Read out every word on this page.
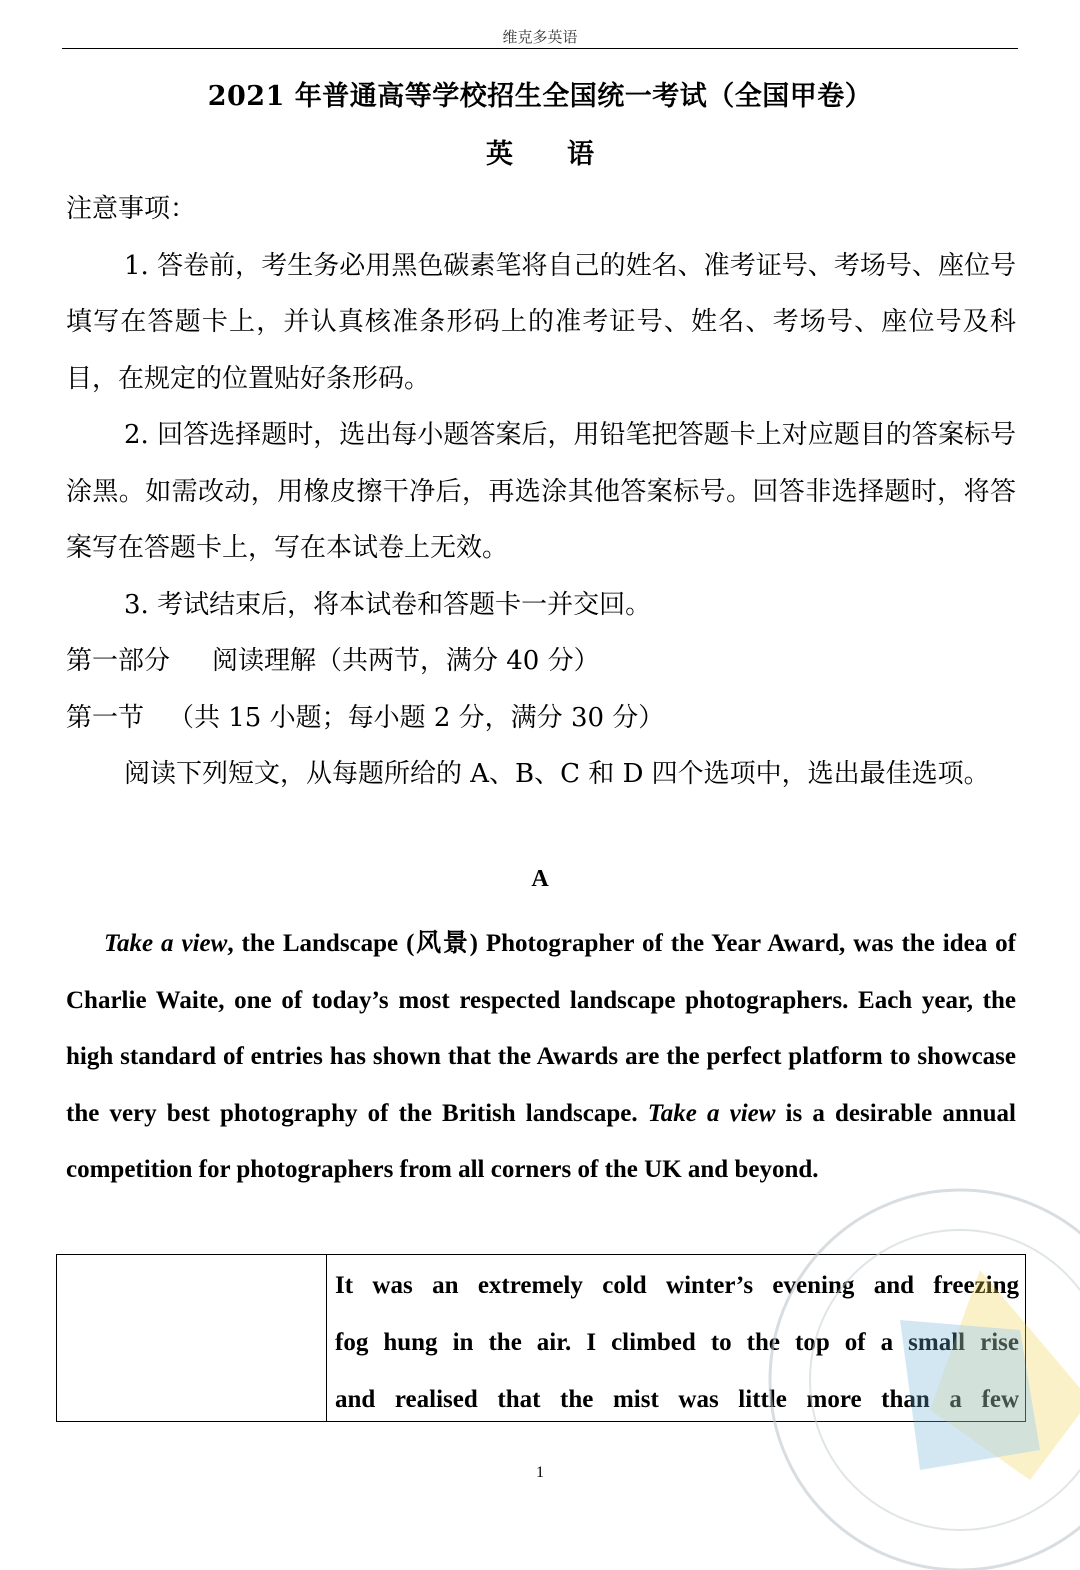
维克多英语
2021 年普通高等学校招生全国统一考试（全国甲卷）
英语

注意事项：

1. 答卷前，考生务必用黑色碳素笔将自己的姓名、准考证号、考场号、座位号填写在答题卡上，并认真核准条形码上的准考证号、姓名、考场号、座位号及科目，在规定的位置贴好条形码。

2. 回答选择题时，选出每小题答案后，用铅笔把答题卡上对应题目的答案标号涂黑。如需改动，用橡皮擦干净后，再选涂其他答案标号。回答非选择题时，将答案写在答题卡上，写在本试卷上无效。

3. 考试结束后，将本试卷和答题卡一并交回。

第一部分 阅读理解（共两节，满分 40 分）

第一节 （共 15 小题；每小题 2 分，满分 30 分）

阅读下列短文，从每题所给的 A、B、C 和 D 四个选项中，选出最佳选项。

A

Take a view, the Landscape (风景) Photographer of the Year Award, was the idea of Charlie Waite, one of today’s most respected landscape photographers. Each year, the high standard of entries has shown that the Awards are the perfect platform to showcase the very best photography of the British landscape. Take a view is a desirable annual competition for photographers from all corners of the UK and beyond.

It was an extremely cold winter’s evening and freezing
fog hung in the air. I climbed to the top of a small rise
and realised that the mist was little more than a few
1
